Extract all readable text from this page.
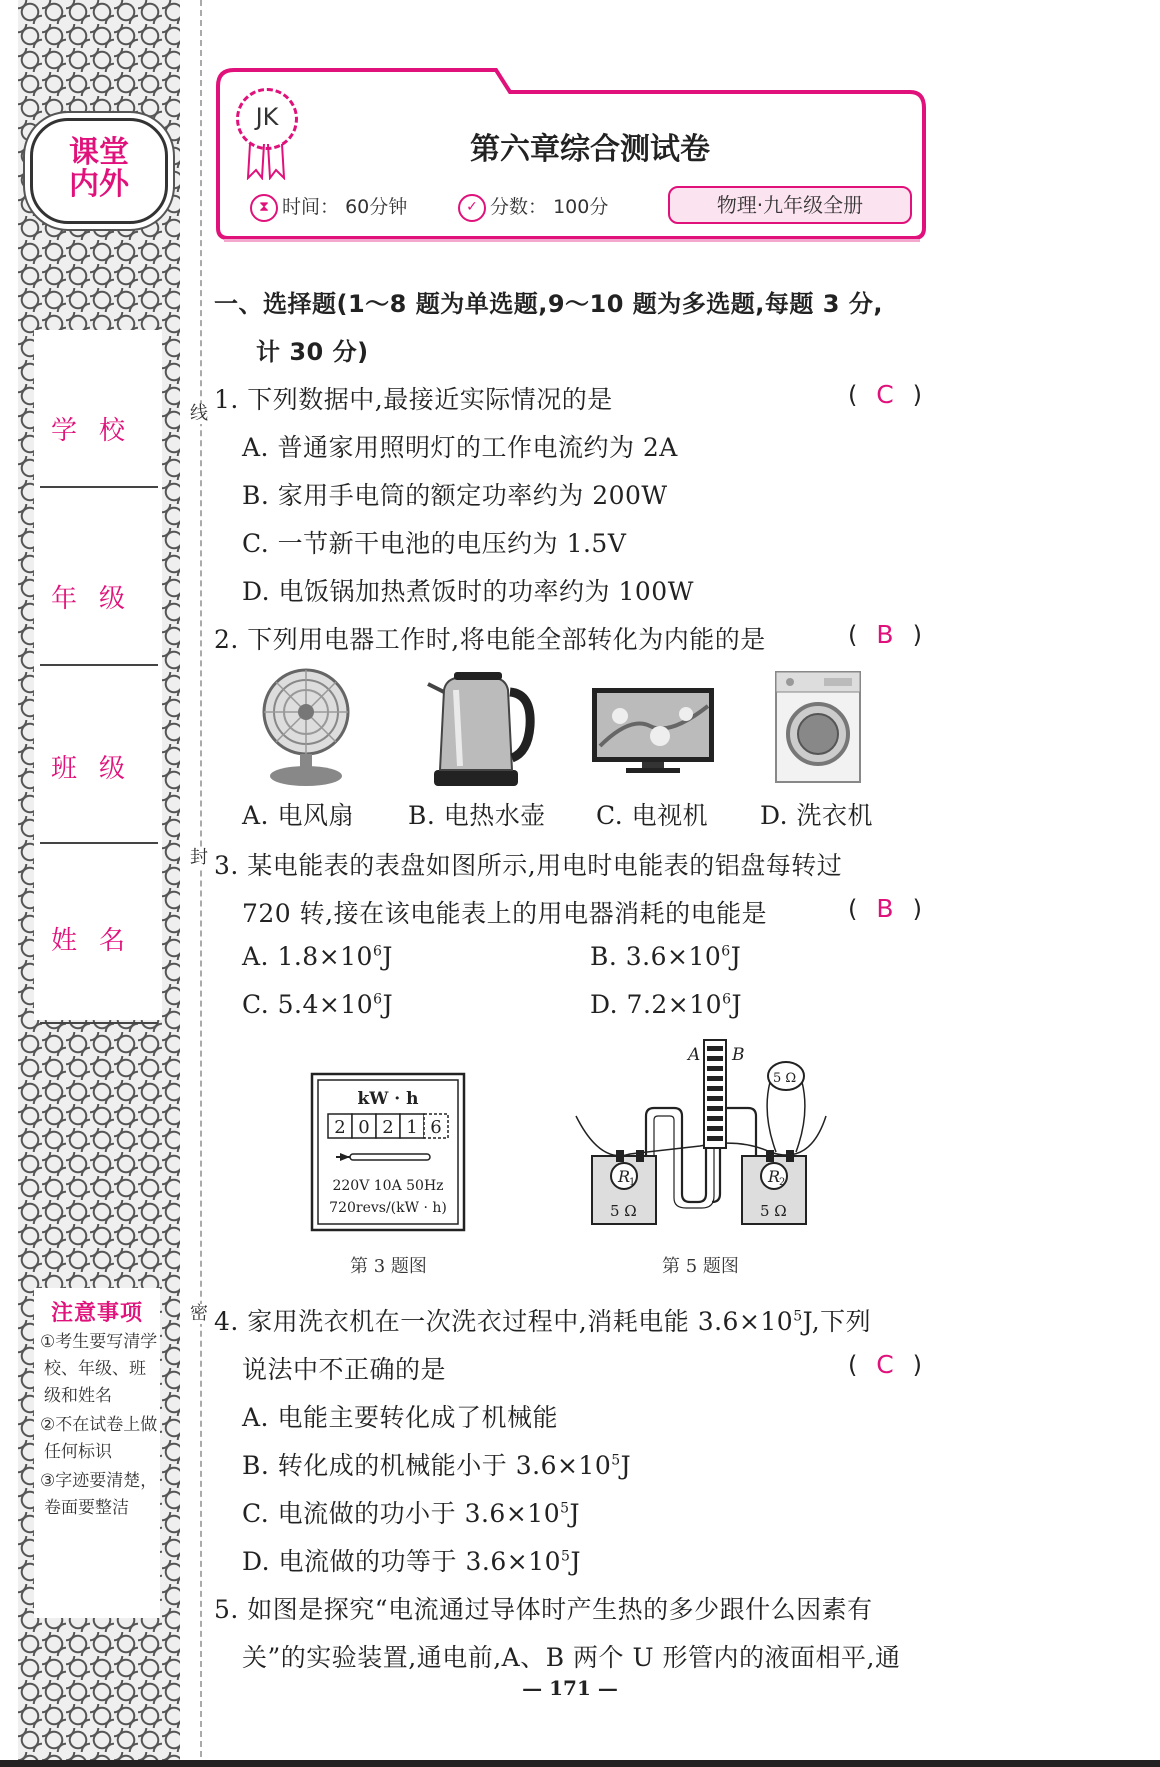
课堂
内外
学校
年级
班级
姓名
注意事项
①考生要写清学校、年级、班级和姓名
②不在试卷上做任何标识
③字迹要清楚，卷面要整洁
线
封
密
JK
第六章综合测试卷
⧗ 时间： 60分钟	✓ 分数： 100分	物理·九年级全册
一、选择题(1～8 题为单选题,9～10 题为多选题,每题 3 分,
计 30 分)
1. 下列数据中,最接近实际情况的是	( C )
A. 普通家用照明灯的工作电流约为 2A
B. 家用手电筒的额定功率约为 200W
C. 一节新干电池的电压约为 1.5V
D. 电饭锅加热煮饭时的功率约为 100W
2. 下列用电器工作时,将电能全部转化为内能的是	( B )
A. 电风扇 B. 电热水壶 C. 电视机 D. 洗衣机
3. 某电能表的表盘如图所示,用电时电能表的铝盘每转过
720 转,接在该电能表上的用电器消耗的电能是	( B )
A. $1.8\times 10^6J$	B. $3.6\times 10^6J$
C. $5.4\times 10^6J$	D. $7.2\times 10^6J$
kW · h
2 0 2 1 6
220V 10A 50Hz
720revs/(kW · h)
第 3 题图
R
1	R
2
5 Ω	5 Ω
A B
5 Ω
第 5 题图
4. 家用洗衣机在一次洗衣过程中,消耗电能 $3.6\times 10^5J$,下列
说法中不正确的是	( C )
A. 电能主要转化成了机械能
B. 转化成的机械能小于 $3.6\times 10^5J$
C. 电流做的功小于 $3.6\times 10^5J$
D. 电流做的功等于 $3.6\times 10^5J$
5. 如图是探究“电流通过导体时产生热的多少跟什么因素有
关”的实验装置,通电前,A、B 两个 U 形管内的液面相平,通
— 171 —
